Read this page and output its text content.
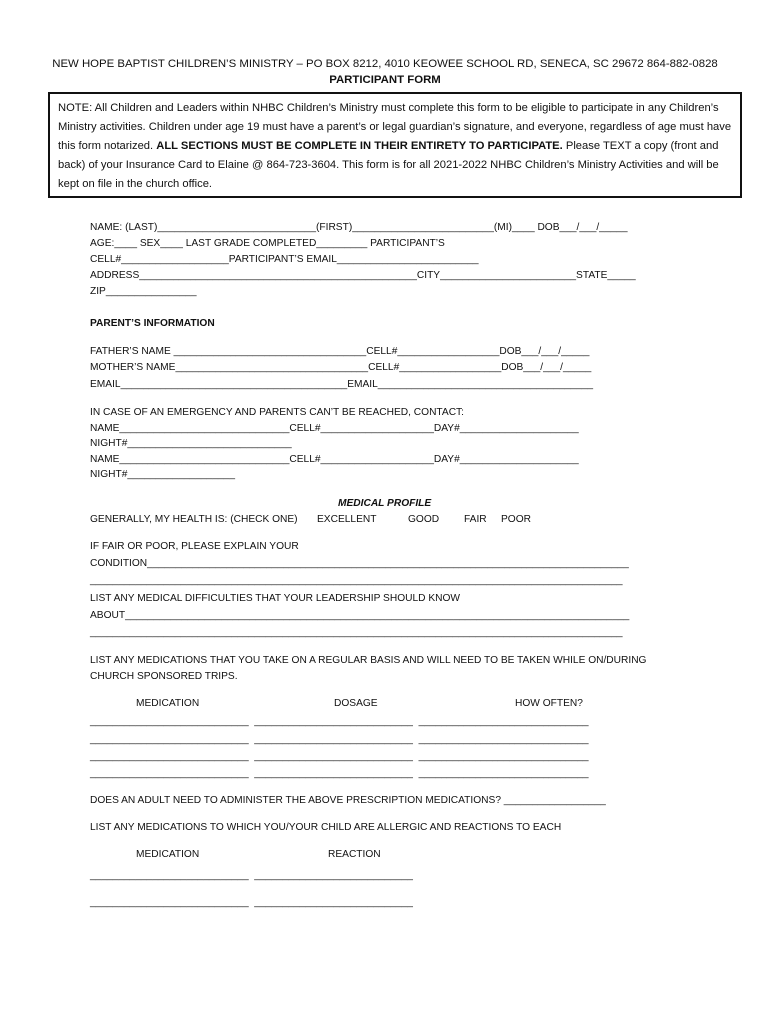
NEW HOPE BAPTIST CHILDREN’S MINISTRY – PO BOX 8212, 4010 KEOWEE SCHOOL RD, SENECA, SC 29672 864-882-0828
PARTICIPANT FORM
NOTE: All Children and Leaders within NHBC Children’s Ministry must complete this form to be eligible to participate in any Children’s Ministry activities. Children under age 19 must have a parent’s or legal guardian’s signature, and everyone, regardless of age must have this form notarized. ALL SECTIONS MUST BE COMPLETE IN THEIR ENTIRETY TO PARTICIPATE. Please TEXT a copy (front and back) of your Insurance Card to Elaine @ 864-723-3604. This form is for all 2021-2022 NHBC Children’s Ministry Activities and will be kept on file in the church office.
NAME: (LAST)____________________________(FIRST)_________________________(MI)____ DOB___/___/_____
AGE:____ SEX____ LAST GRADE COMPLETED_________ PARTICIPANT’S
CELL#___________________PARTICIPANT’S EMAIL_________________________
ADDRESS_________________________________________________CITY________________________STATE_____
ZIP________________
PARENT’S INFORMATION
FATHER’S NAME __________________________________CELL#__________________DOB___/___/_____
MOTHER’S NAME__________________________________CELL#__________________DOB___/___/_____
EMAIL________________________________________EMAIL______________________________________
IN CASE OF AN EMERGENCY AND PARENTS CAN’T BE REACHED, CONTACT:
NAME______________________________CELL#____________________DAY#_____________________
NIGHT#_____________________________
NAME______________________________CELL#____________________DAY#_____________________
NIGHT#___________________
MEDICAL PROFILE
GENERALLY, MY HEALTH IS: (CHECK ONE) EXCELLENT	GOOD FAIR POOR
IF FAIR OR POOR, PLEASE EXPLAIN YOUR
CONDITION_____________________________________________________________________________________
______________________________________________________________________________________________
LIST ANY MEDICAL DIFFICULTIES THAT YOUR LEADERSHIP SHOULD KNOW
ABOUT_________________________________________________________________________________________
______________________________________________________________________________________________
LIST ANY MEDICATIONS THAT YOU TAKE ON A REGULAR BASIS AND WILL NEED TO BE TAKEN WHILE ON/DURING
CHURCH SPONSORED TRIPS.
MEDICATION	DOSAGE	HOW OFTEN?
____________________________  ____________________________  ______________________________
____________________________  ____________________________  ______________________________
____________________________  ____________________________  ______________________________
____________________________  ____________________________  ______________________________
DOES AN ADULT NEED TO ADMINISTER THE ABOVE PRESCRIPTION MEDICATIONS? __________________
LIST ANY MEDICATIONS TO WHICH YOU/YOUR CHILD ARE ALLERGIC AND REACTIONS TO EACH
MEDICATION	REACTION
____________________________  ____________________________
____________________________  ____________________________
